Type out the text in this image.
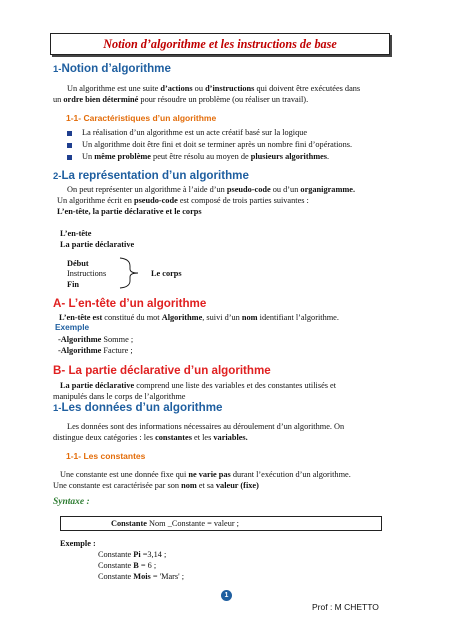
Notion d’algorithme et les instructions de base
1-Notion d’algorithme
Un algorithme est une suite d’actions ou d’instructions qui doivent être exécutées dans
un ordre bien déterminé pour résoudre un problème (ou réaliser un travail).
1-1- Caractéristiques d’un algorithme
La réalisation d’un algorithme est un acte créatif basé sur la logique
Un algorithme doit être fini et doit se terminer après un nombre fini d’opérations.
Un même problème peut être résolu au moyen de plusieurs algorithmes.
2-La représentation d’un algorithme
On peut représenter un algorithme à l’aide d’un pseudo-code ou d’un organigramme.
Un algorithme écrit en pseudo-code est composé de trois parties suivantes :
L’en-tête, la partie déclarative et le corps
L’en-tête
La partie déclarative
Début
Instructions
Fin
Le corps
A- L’en-tête d’un algorithme
L’en-tête est constitué du mot Algorithme, suivi d’un nom identifiant l’algorithme.
Exemple
-Algorithme Somme ;
-Algorithme Facture ;
B- La partie déclarative d’un algorithme
La partie déclarative comprend une liste des variables et des constantes utilisés et
manipulés dans le corps de l’algorithme
1-Les données d’un algorithme
Les données sont des informations nécessaires au déroulement d’un algorithme. On
distingue deux catégories : les constantes et les variables.
1-1- Les constantes
Une constante est une donnée fixe qui ne varie pas durant l’exécution d’un algorithme.
Une constante est caractérisée par son nom et sa valeur (fixe)
Syntaxe :
Constante Nom _Constante = valeur ;
Exemple :
Constante Pi =3,14 ;
Constante B = 6 ;
Constante Mois = 'Mars' ;
1
Prof : M CHETTO
